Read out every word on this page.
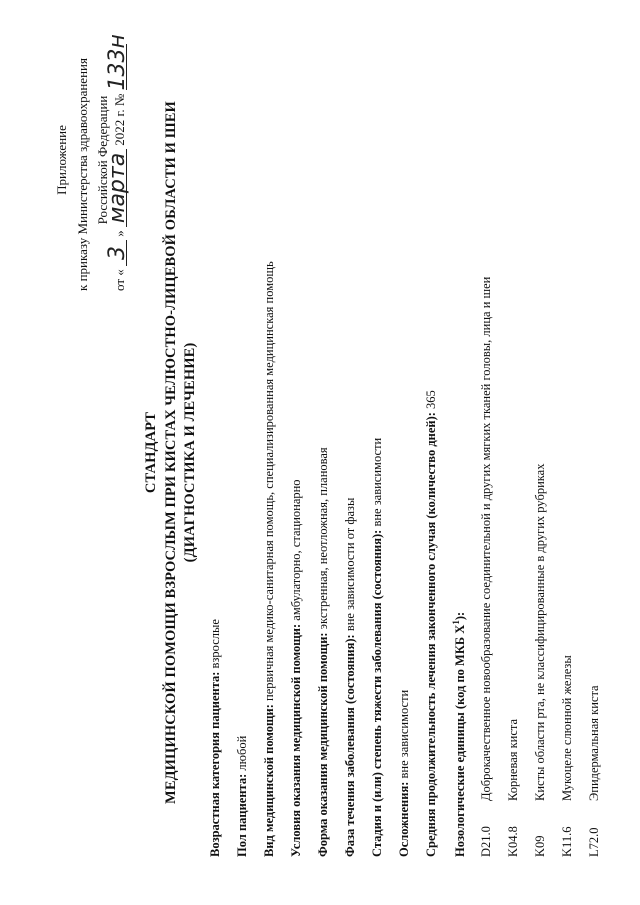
Приложение к приказу Министерства здравоохранения Российской Федерации
от « 3 » марта 2022 г. № 133н
СТАНДАРТ МЕДИЦИНСКОЙ ПОМОЩИ ВЗРОСЛЫМ ПРИ КИСТАХ ЧЕЛЮСТНО-ЛИЦЕВОЙ ОБЛАСТИ И ШЕИ (ДИАГНОСТИКА И ЛЕЧЕНИЕ)
Возрастная категория пациента: взрослые
Пол пациента: любой Вид медицинской помощи: первичная медико-санитарная помощь, специализированная медицинская помощь
Условия оказания медицинской помощи: амбулаторно, стационарно
Форма оказания медицинской помощи: экстренная, неотложная, плановая
Фаза течения заболевания (состояния): вне зависимости от фазы Стадия и (или) степень тяжести заболевания (состояния): вне зависимости
Осложнения: вне зависимости Средняя продолжительность лечения законченного случая (количество дней): 365
Нозологические единицы (код по МКБ $X^1$):
D21.0
Доброкачественное новообразование соединительной и других мягких тканей головы, лица и шеи
K04.8
Корневая киста
K09
Кисты области рта, не классифицированные в других рубриках
K11.6
Мукоцеле слюнной железы
L72.0
Эпидермальная киста
